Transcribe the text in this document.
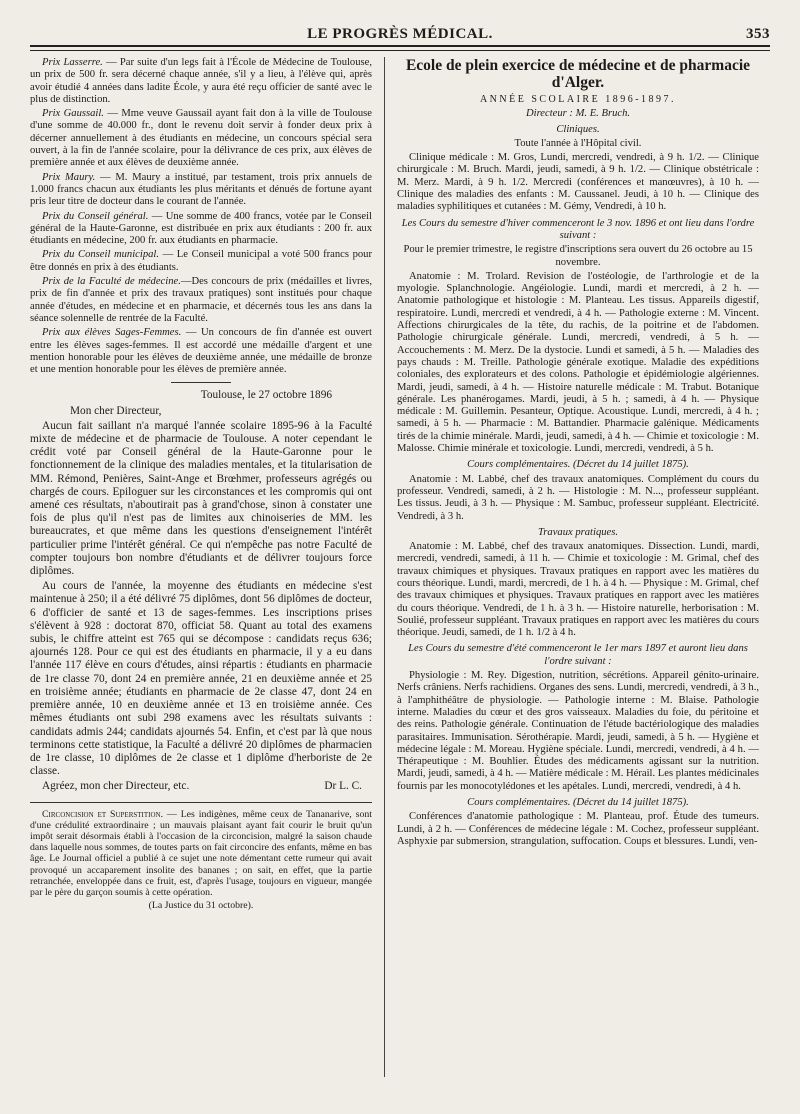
LE PROGRÈS MÉDICAL.	353

Prix Lasserre. — Par suite d'un legs fait à l'École de Médecine de Toulouse, un prix de 500 fr. sera décerné chaque année, s'il y a lieu, à l'élève qui, après avoir étudié 4 années dans ladite École, y aura été reçu officier de santé avec le plus de distinction.

Prix Gaussail. — Mme veuve Gaussail ayant fait don à la ville de Toulouse d'une somme de 40.000 fr., dont le revenu doit servir à fonder deux prix à décerner annuellement à des étudiants en médecine, un concours spécial sera ouvert, à la fin de l'année scolaire, pour la délivrance de ces prix, aux élèves de première année et aux élèves de deuxième année.

Prix Maury. — M. Maury a institué, par testament, trois prix annuels de 1.000 francs chacun aux étudiants les plus méritants et dénués de fortune ayant pris leur titre de docteur dans le courant de l'année.

Prix du Conseil général. — Une somme de 400 francs, votée par le Conseil général de la Haute-Garonne, est distribuée en prix aux étudiants : 200 fr. aux étudiants en médecine, 200 fr. aux étudiants en pharmacie.

Prix du Conseil municipal. — Le Conseil municipal a voté 500 francs pour être donnés en prix à des étudiants.

Prix de la Faculté de médecine.—Des concours de prix (médailles et livres, prix de fin d'année et prix des travaux pratiques) sont institués pour chaque année d'études, en médecine et en pharmacie, et décernés tous les ans dans la séance solennelle de rentrée de la Faculté.

Prix aux élèves Sages-Femmes. — Un concours de fin d'année est ouvert entre les élèves sages-femmes. Il est accordé une médaille d'argent et une mention honorable pour les élèves de deuxième année, une médaille de bronze et une mention honorable pour les élèves de première année.

Toulouse, le 27 octobre 1896

Mon cher Directeur,

Aucun fait saillant n'a marqué l'année scolaire 1895-96 à la Faculté mixte de médecine et de pharmacie de Toulouse. A noter cependant le crédit voté par Conseil général de la Haute-Garonne pour le fonctionnement de la clinique des maladies mentales, et la titularisation de MM. Rémond, Penières, Saint-Ange et Brœhmer, professeurs agrégés ou chargés de cours. Epiloguer sur les circonstances et les compromis qui ont amené ces résultats, n'aboutirait pas à grand'chose, sinon à constater une fois de plus qu'il n'est pas de limites aux chinoiseries de MM. les bureaucrates, et que même dans les questions d'enseignement l'intérêt particulier prime l'intérêt général. Ce qui n'empêche pas notre Faculté de compter toujours bon nombre d'étudiants et de délivrer toujours force diplômes.

Au cours de l'année, la moyenne des étudiants en médecine s'est maintenue à 250; il a été délivré 75 diplômes, dont 56 diplômes de docteur, 6 d'officier de santé et 13 de sages-femmes. Les inscriptions prises s'élèvent à 928 : doctorat 870, officiat 58. Quant au total des examens subis, le chiffre atteint est 765 qui se décompose : candidats reçus 636; ajournés 128. Pour ce qui est des étudiants en pharmacie, il y a eu dans l'année 117 élève en cours d'études, ainsi répartis : étudiants en pharmacie de 1re classe 70, dont 24 en première année, 21 en deuxième année et 25 en troisième année; étudiants en pharmacie de 2e classe 47, dont 24 en première année, 10 en deuxième année et 13 en troisième année. Ces mêmes étudiants ont subi 298 examens avec les résultats suivants : candidats admis 244; candidats ajournés 54. Enfin, et c'est par là que nous terminons cette statistique, la Faculté a délivré 20 diplômes de pharmacien de 1re classe, 10 diplômes de 2e classe et 1 diplôme d'herboriste de 2e classe.

Agréez, mon cher Directeur, etc.	Dr L. C.

Circoncision et Superstition. — Les indigènes, même ceux de Tananarive, sont d'une crédulité extraordinaire ; un mauvais plaisant ayant fait courir le bruit qu'un impôt serait désormais établi à l'occasion de la circoncision, malgré la saison chaude dans laquelle nous sommes, de toutes parts on fait circoncire des enfants, même en bas âge. Le Journal officiel a publié à ce sujet une note démentant cette rumeur qui avait provoqué un accaparement insolite des bananes ; on sait, en effet, que la partie retranchée, enveloppée dans ce fruit, est, d'après l'usage, toujours en vigueur, mangée par le père du garçon soumis à cette opération.

(La Justice du 31 octobre).

Ecole de plein exercice de médecine et de pharmacie d'Alger.

ANNÉE SCOLAIRE 1896-1897.

Directeur : M. E. Bruch.

Cliniques.

Toute l'année à l'Hôpital civil.

Clinique médicale : M. Gros, Lundi, mercredi, vendredi, à 9 h. 1/2. — Clinique chirurgicale : M. Bruch. Mardi, jeudi, samedi, à 9 h. 1/2. — Clinique obstétricale : M. Merz. Mardi, à 9 h. 1/2. Mercredi (conférences et manœuvres), à 10 h. — Clinique des maladies des enfants : M. Caussanel. Jeudi, à 10 h. — Clinique des maladies syphilitiques et cutanées : M. Gémy, Vendredi, à 10 h.

Les Cours du semestre d'hiver commenceront le 3 nov. 1896 et ont lieu dans l'ordre suivant :

Pour le premier trimestre, le registre d'inscriptions sera ouvert du 26 octobre au 15 novembre.

Anatomie : M. Trolard. Revision de l'ostéologie, de l'arthrologie et de la myologie. Splanchnologie. Angéiologie. Lundi, mardi et mercredi, à 2 h. — Anatomie pathologique et histologie : M. Planteau. Les tissus. Appareils digestif, respiratoire. Lundi, mercredi et vendredi, à 4 h. — Pathologie externe : M. Vincent. Affections chirurgicales de la tête, du rachis, de la poitrine et de l'abdomen. Pathologie chirurgicale générale. Lundi, mercredi, vendredi, à 5 h. — Accouchements : M. Merz. De la dystocie. Lundi et samedi, à 5 h. — Maladies des pays chauds : M. Treille. Pathologie générale exotique. Maladie des expéditions coloniales, des explorateurs et des colons. Pathologie et épidémiologie algériennes. Mardi, jeudi, samedi, à 4 h. — Histoire naturelle médicale : M. Trabut. Botanique générale. Les phanérogames. Mardi, jeudi, à 5 h. ; samedi, à 4 h. — Physique médicale : M. Guillemin. Pesanteur, Optique. Acoustique. Lundi, mercredi, à 4 h. ; samedi, à 5 h. — Pharmacie : M. Battandier. Pharmacie galénique. Médicaments tirés de la chimie minérale. Mardi, jeudi, samedi, à 4 h. — Chimie et toxicologie : M. Malosse. Chimie minérale et toxicologie. Lundi, mercredi, vendredi, à 5 h.

Cours complémentaires. (Décret du 14 juillet 1875).

Anatomie : M. Labbé, chef des travaux anatomiques. Complément du cours du professeur. Vendredi, samedi, à 2 h. — Histologie : M. N..., professeur suppléant. Les tissus. Jeudi, à 3 h. — Physique : M. Sambuc, professeur suppléant. Electricité. Vendredi, à 3 h.

Travaux pratiques.

Anatomie : M. Labbé, chef des travaux anatomiques. Dissection. Lundi, mardi, mercredi, vendredi, samedi, à 11 h. — Chimie et toxicologie : M. Grimal, chef des travaux chimiques et physiques. Travaux pratiques en rapport avec les matières du cours théorique. Lundi, mardi, mercredi, de 1 h. à 4 h. — Physique : M. Grimal, chef des travaux chimiques et physiques. Travaux pratiques en rapport avec les matières du cours théorique. Vendredi, de 1 h. à 3 h. — Histoire naturelle, herborisation : M. Soulié, professeur suppléant. Travaux pratiques en rapport avec les matières du cours théorique. Jeudi, samedi, de 1 h. 1/2 à 4 h.

Les Cours du semestre d'été commenceront le 1er mars 1897 et auront lieu dans l'ordre suivant :

Physiologie : M. Rey. Digestion, nutrition, sécrétions. Appareil génito-urinaire. Nerfs crâniens. Nerfs rachidiens. Organes des sens. Lundi, mercredi, vendredi, à 3 h., à l'amphithéâtre de physiologie. — Pathologie interne : M. Blaise. Pathologie interne. Maladies du cœur et des gros vaisseaux. Maladies du foie, du péritoine et des reins. Pathologie générale. Continuation de l'étude bactériologique des maladies parasitaires. Immunisation. Sérothérapie. Mardi, jeudi, samedi, à 5 h. — Hygiène et médecine légale : M. Moreau. Hygiène spéciale. Lundi, mercredi, vendredi, à 4 h. — Thérapeutique : M. Bouhlier. Études des médicaments agissant sur la nutrition. Mardi, jeudi, samedi, à 4 h. — Matière médicale : M. Hérail. Les plantes médicinales fournis par les monocotylédones et les apétales. Lundi, mercredi, vendredi, à 4 h.

Cours complémentaires. (Décret du 14 juillet 1875).

Conférences d'anatomie pathologique : M. Planteau, prof. Étude des tumeurs. Lundi, à 2 h. — Conférences de médecine légale : M. Cochez, professeur suppléant. Asphyxie par submersion, strangulation, suffocation. Coups et blessures. Lundi, ven-
